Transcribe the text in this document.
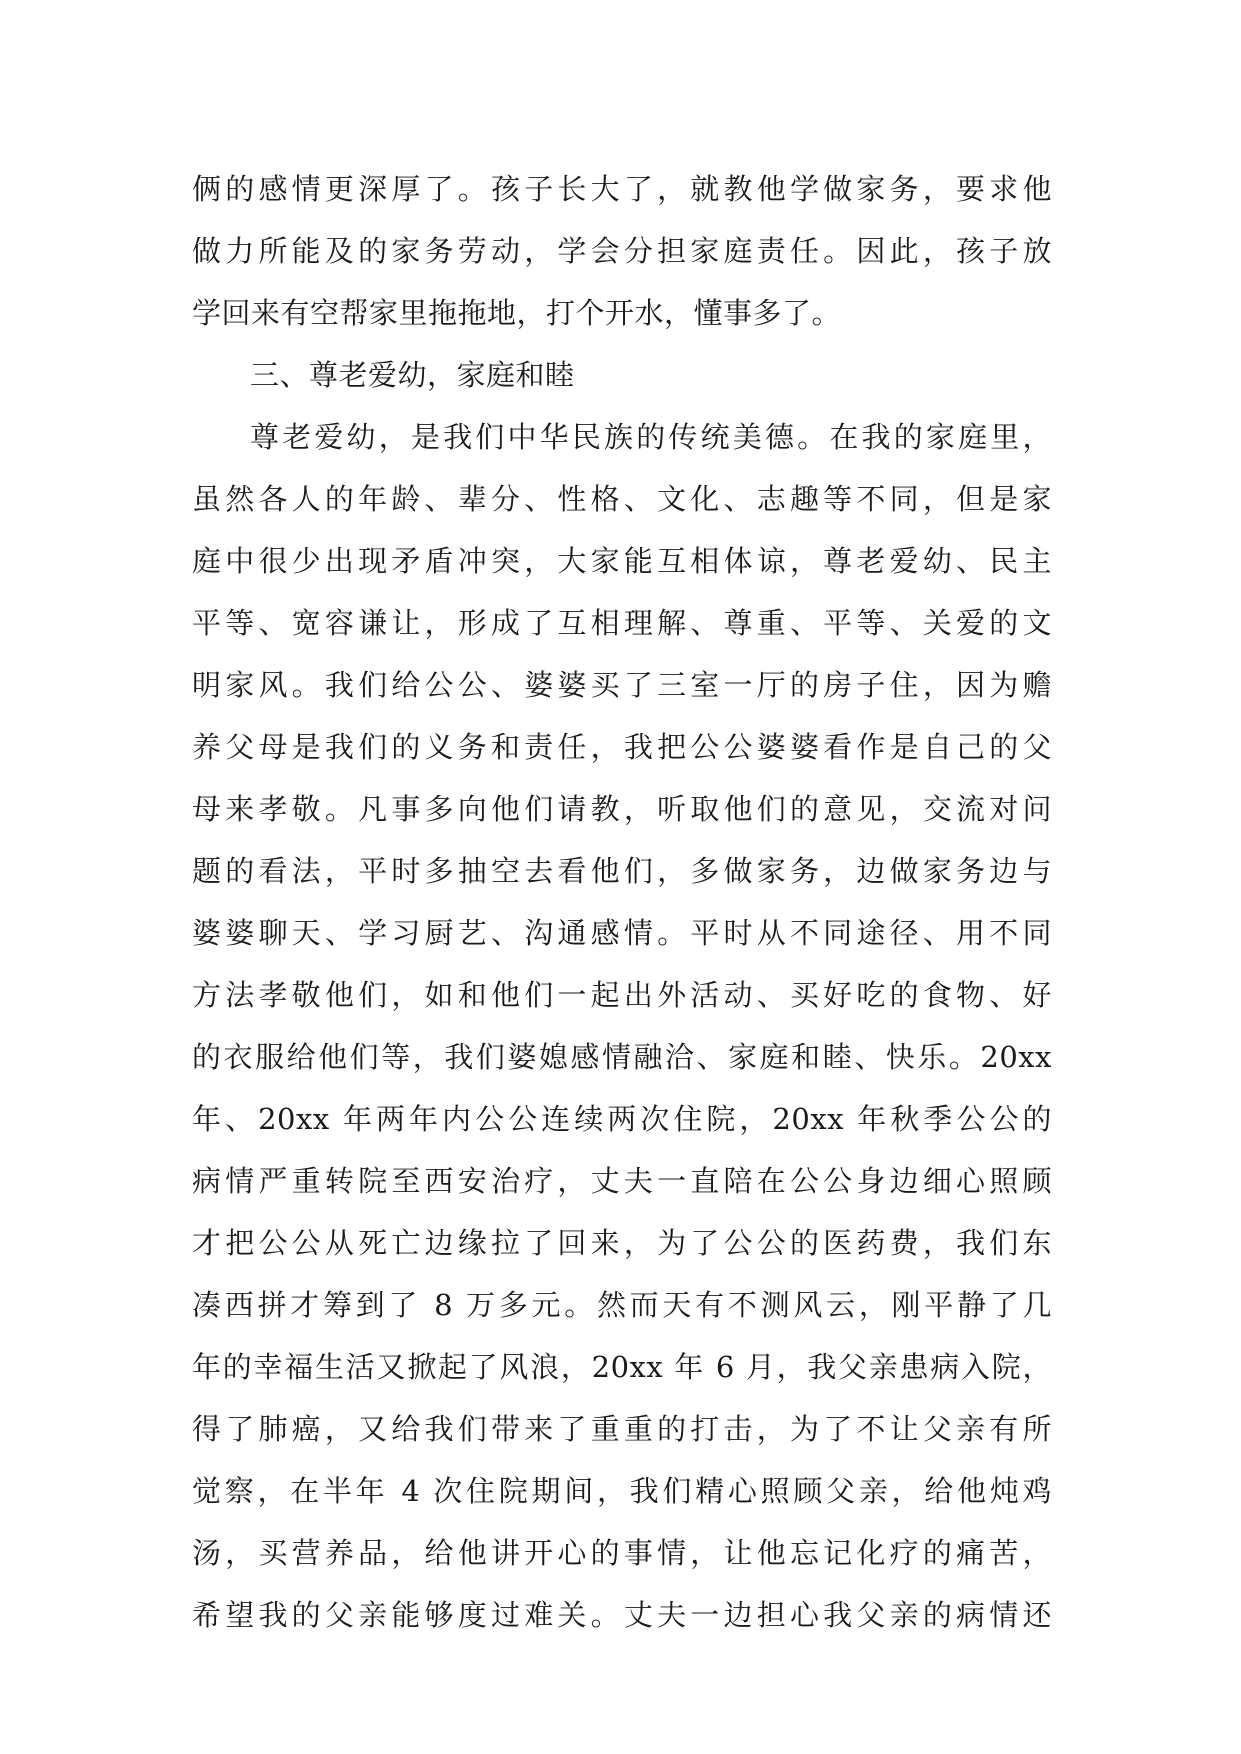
俩的感情更深厚了。孩子长大了，就教他学做家务，要求他
做力所能及的家务劳动，学会分担家庭责任。因此，孩子放
学回来有空帮家里拖拖地，打个开水，懂事多了。
三、尊老爱幼，家庭和睦
尊老爱幼，是我们中华民族的传统美德。在我的家庭里，
虽然各人的年龄、辈分、性格、文化、志趣等不同，但是家
庭中很少出现矛盾冲突，大家能互相体谅，尊老爱幼、民主
平等、宽容谦让，形成了互相理解、尊重、平等、关爱的文
明家风。我们给公公、婆婆买了三室一厅的房子住，因为赡
养父母是我们的义务和责任，我把公公婆婆看作是自己的父
母来孝敬。凡事多向他们请教，听取他们的意见，交流对问
题的看法，平时多抽空去看他们，多做家务，边做家务边与
婆婆聊天、学习厨艺、沟通感情。平时从不同途径、用不同
方法孝敬他们，如和他们一起出外活动、买好吃的食物、好
的衣服给他们等，我们婆媳感情融洽、家庭和睦、快乐。20xx
年、20xx 年两年内公公连续两次住院，20xx 年秋季公公的
病情严重转院至西安治疗，丈夫一直陪在公公身边细心照顾
才把公公从死亡边缘拉了回来，为了公公的医药费，我们东
凑西拼才筹到了 8 万多元。然而天有不测风云，刚平静了几
年的幸福生活又掀起了风浪，20xx 年 6 月，我父亲患病入院，
得了肺癌，又给我们带来了重重的打击，为了不让父亲有所
觉察，在半年 4 次住院期间，我们精心照顾父亲，给他炖鸡
汤，买营养品，给他讲开心的事情，让他忘记化疗的痛苦，
希望我的父亲能够度过难关。丈夫一边担心我父亲的病情还
